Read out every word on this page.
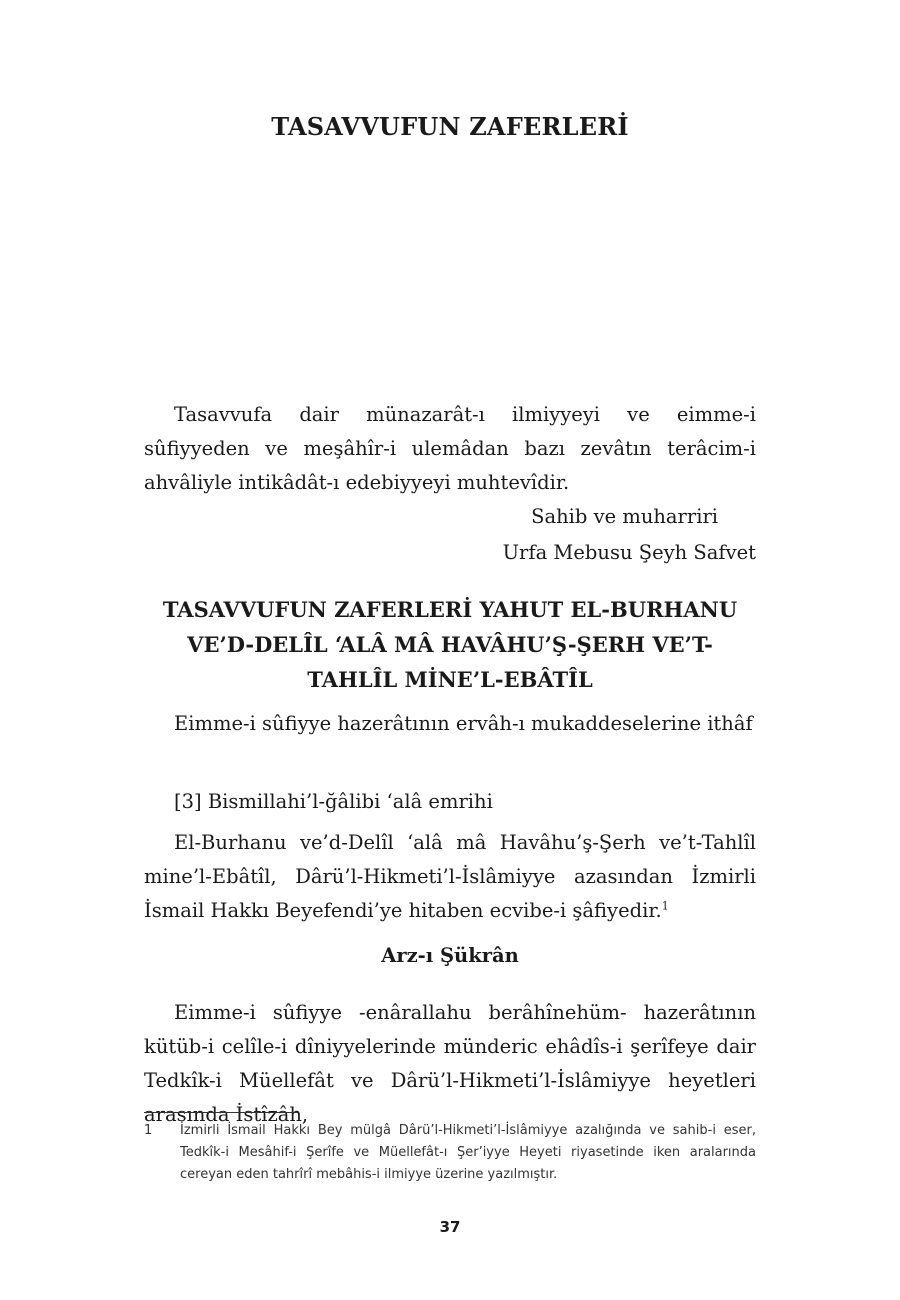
TASAVVUFUN ZAFERLERİ

Tasavvufa dair münazarât-ı ilmiyyeyi ve eimme-i sûfiyyeden ve meşâhîr-i ulemâdan bazı zevâtın terâcim-i ahvâliyle intikâdât-ı edebiyyeyi muhtevîdir.

Sahib ve muharriri

Urfa Mebusu Şeyh Safvet

TASAVVUFUN ZAFERLERİ YAHUT EL-BURHANU VE’D-DELÎL ‘ALÂ MÂ HAVÂHU’Ş-ŞERH VE’T-TAHLÎL MİNE’L-EBÂTÎL

Eimme-i sûfiyye hazerâtının ervâh-ı mukaddeselerine ithâf

[3] Bismillahi’l-ğâlibi ‘alâ emrihi

El-Burhanu ve’d-Delîl ‘alâ mâ Havâhu’ş-Şerh ve’t-Tahlîl mine’l-Ebâtîl, Dârü’l-Hikmeti’l-İslâmiyye azasından İzmirli İsmail Hakkı Beyefendi’ye hitaben ecvibe-i şâfiyedir.$^1$

Arz-ı Şükrân

Eimme-i sûfiyye -enârallahu berâhînehüm- hazerâtının kütüb-i celîle-i dîniyyelerinde münderic ehâdîs-i şerîfeye dair Tedkîk-i Müellefât ve Dârü’l-Hikmeti’l-İslâmiyye heyetleri arasında İstîzâh,

1 İzmirli İsmail Hakkı Bey mülgâ Dârü’l-Hikmeti’l-İslâmiyye azalığında ve sahib-i eser, Tedkîk-i Mesâhif-i Şerîfe ve Müellefât-ı Şer’iyye Heyeti riyasetinde iken aralarında cereyan eden tahrîrî mebâhis-i ilmiyye üzerine yazılmıştır.

37
